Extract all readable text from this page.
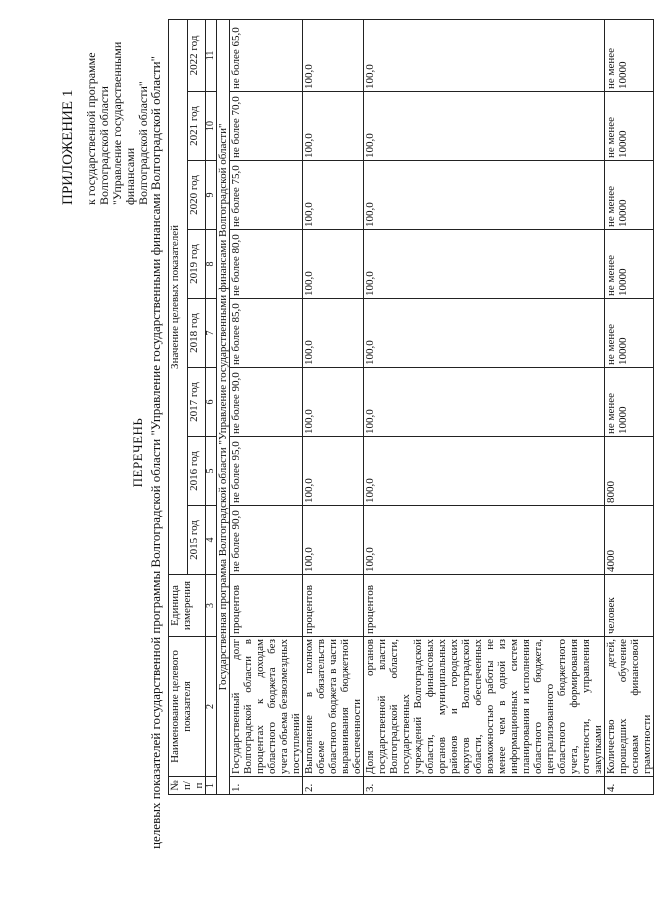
ПРИЛОЖЕНИЕ 1 к государственной программе Волгоградской области "Управление государственными финансами Волгоградской области"
ПЕРЕЧЕНЬ целевых показателей государственной программы Волгоградской области "Управление государственными финансами Волгоградской области" № п/п	Наименование целевого показателя	Единица измерения	Значение целевых показателей							
			2015 год	2016 год	2017 год	2018 год	2019 год	2020 год	2021 год	2022 год
1	2	3	4	5	6	7	8	9	10	11
Государственная программа Волгоградской области "Управление государственными финансами Волгоградской области"										
1.	Государственный долг Волгоградской области в процентах к доходам областного бюджета без учета объема безвозмездных поступлений	процентов	не более 90,0	не более 95,0	не более 90,0	не более 85,0	не более 80,0	не более 75,0	не более 70,0	не более 65,0
2.	Выполнение в полном объеме обязательств областного бюджета в части выравнивания бюджетной обеспеченности	процентов	100,0	100,0	100,0	100,0	100,0	100,0	100,0	100,0
3.	Доля органов государственной власти Волгоградской области, государственных учреждений Волгоградской области, финансовых органов муниципальных районов и городских округов Волгоградской области, обеспеченных возможностью работы не менее чем в одной из информационных систем планирования и исполнения областного бюджета, централизованного областного бюджетного учета, формирования отчетности, управления закупками	процентов	100,0	100,0	100,0	100,0	100,0	100,0	100,0	100,0
4.	Количество детей, прошедших обучение основам финансовой грамотности	человек	4000	8000	не менее 10000	не менее 10000	не менее 10000	не менее 10000	не менее 10000	не менее 10000
